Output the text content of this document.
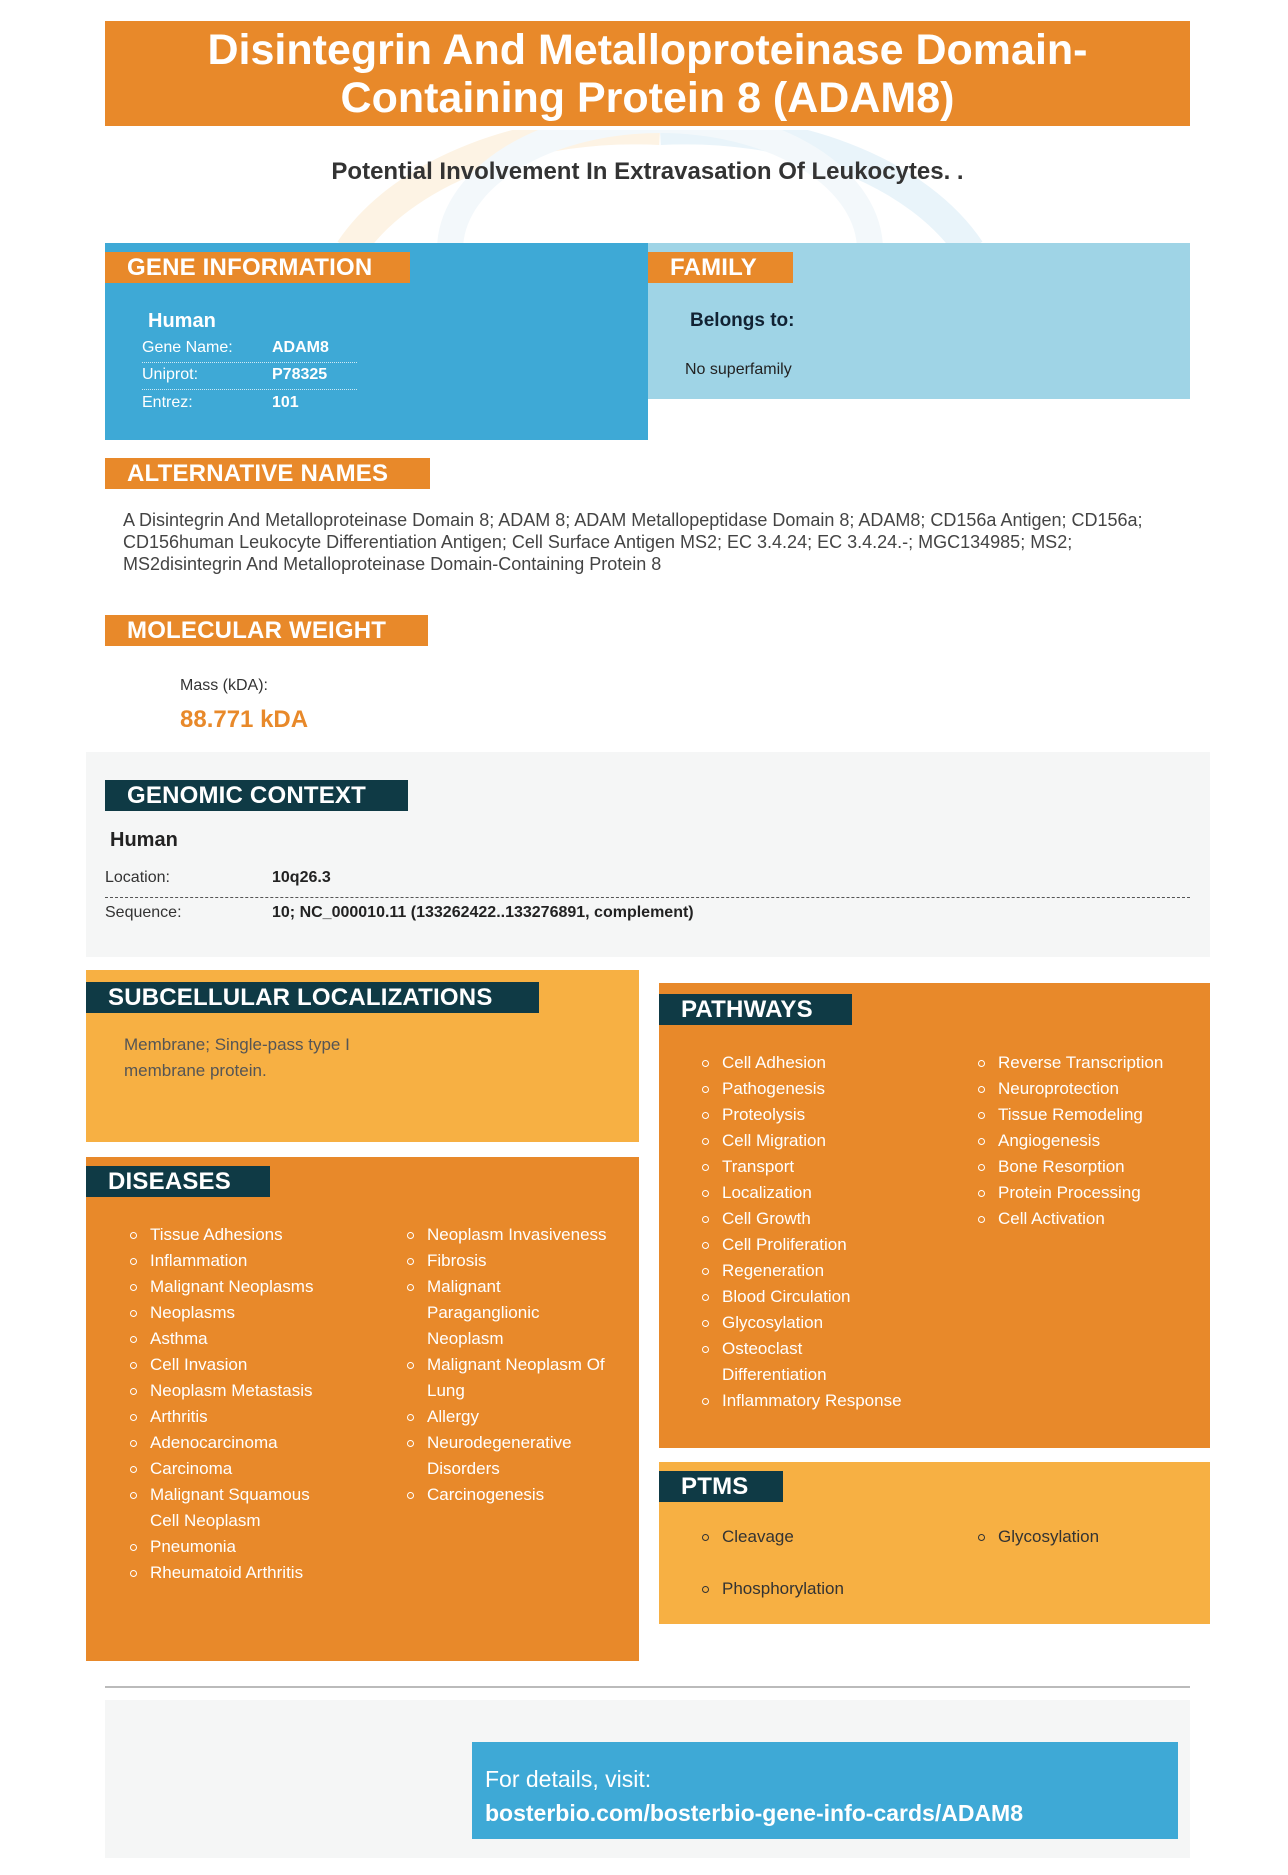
Disintegrin And Metalloproteinase Domain-Containing Protein 8 (ADAM8)
Potential Involvement In Extravasation Of Leukocytes. .
GENE INFORMATION
Human
Gene Name: ADAM8
Uniprot:	P78325
Entrez:	101
FAMILY
Belongs to:
No superfamily
ALTERNATIVE NAMES
A Disintegrin And Metalloproteinase Domain 8; ADAM 8; ADAM Metallopeptidase Domain 8; ADAM8; CD156a Antigen; CD156a; CD156human Leukocyte Differentiation Antigen; Cell Surface Antigen MS2; EC 3.4.24; EC 3.4.24.-; MGC134985; MS2; MS2disintegrin And Metalloproteinase Domain-Containing Protein 8
MOLECULAR WEIGHT
Mass (kDA):
88.771 kDA
GENOMIC CONTEXT
Human
Location:	10q26.3
Sequence:	10; NC_000010.11 (133262422..133276891, complement)
SUBCELLULAR LOCALIZATIONS
Membrane; Single-pass type I membrane protein.
DISEASES
Tissue Adhesions
Inflammation
Malignant Neoplasms
Neoplasms
Asthma
Cell Invasion
Neoplasm Metastasis
Arthritis
Adenocarcinoma
Carcinoma
Malignant Squamous Cell Neoplasm
Pneumonia
Rheumatoid Arthritis
Neoplasm Invasiveness
Fibrosis
Malignant Paraganglionic Neoplasm
Malignant Neoplasm Of Lung
Allergy
Neurodegenerative Disorders
Carcinogenesis
PATHWAYS
Cell Adhesion
Pathogenesis
Proteolysis
Cell Migration
Transport
Localization
Cell Growth
Cell Proliferation
Regeneration
Blood Circulation
Glycosylation
Osteoclast Differentiation
Inflammatory Response
Reverse Transcription
Neuroprotection
Tissue Remodeling
Angiogenesis
Bone Resorption
Protein Processing
Cell Activation
PTMS
Cleavage	Glycosylation
Phosphorylation
For details, visit:
bosterbio.com/bosterbio-gene-info-cards/ADAM8
